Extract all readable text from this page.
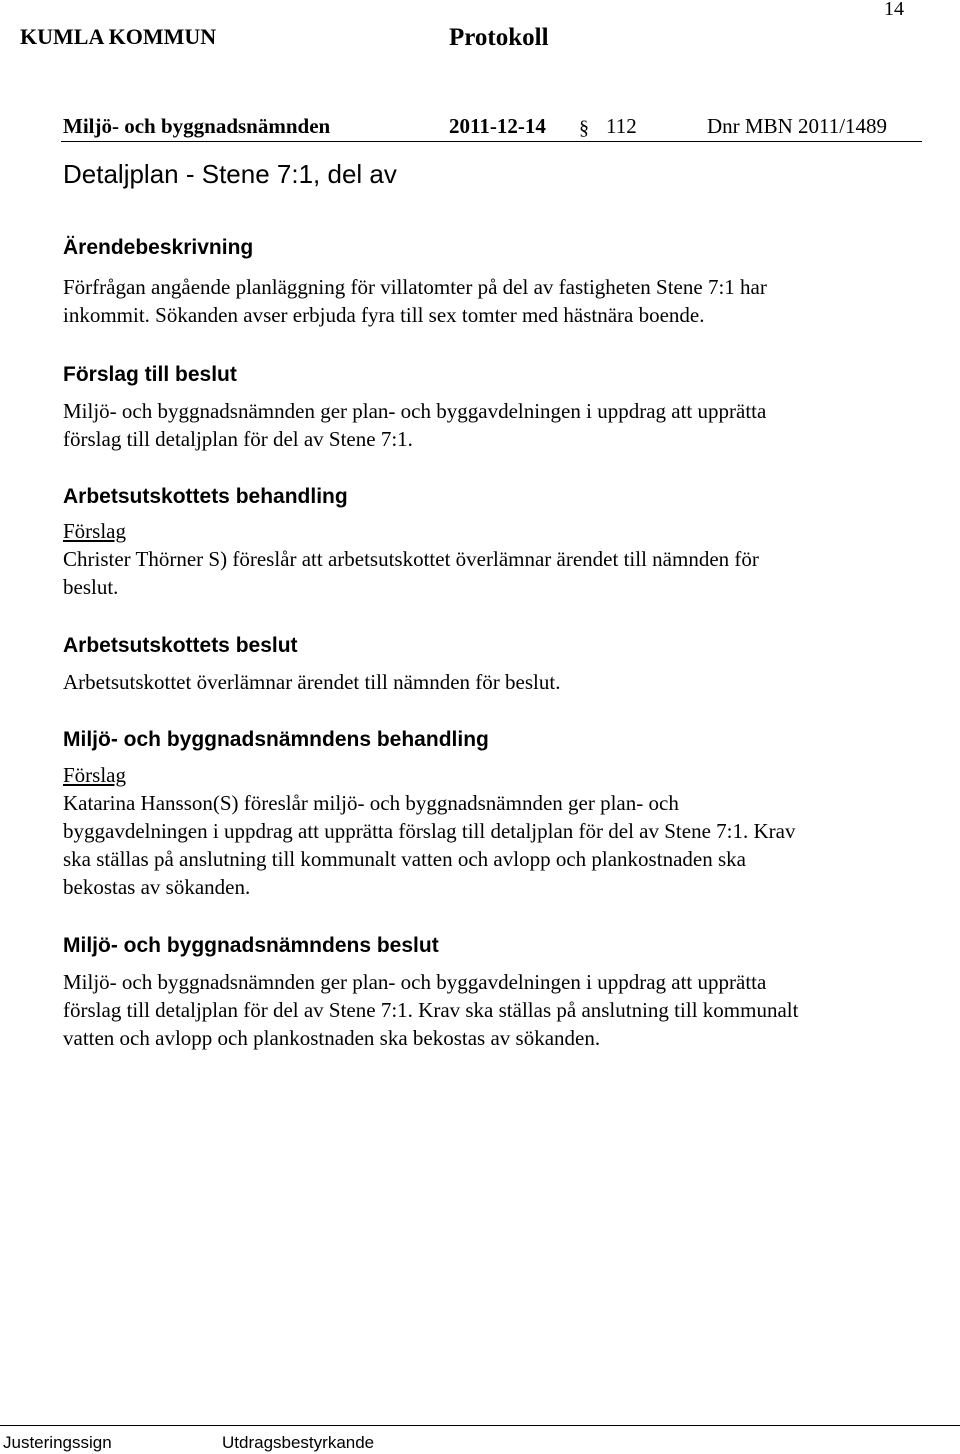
14
KUMLA KOMMUN	Protokoll
Miljö- och byggnadsnämnden	2011-12-14 § 112	Dnr MBN 2011/1489
Detaljplan - Stene 7:1, del av
Ärendebeskrivning
Förfrågan angående planläggning för villatomter på del av fastigheten Stene 7:1 har
inkommit. Sökanden avser erbjuda fyra till sex tomter med hästnära boende.
Förslag till beslut
Miljö- och byggnadsnämnden ger plan- och byggavdelningen i uppdrag att upprätta
förslag till detaljplan för del av Stene 7:1.
Arbetsutskottets behandling
Förslag
Christer Thörner S) föreslår att arbetsutskottet överlämnar ärendet till nämnden för
beslut.
Arbetsutskottets beslut
Arbetsutskottet överlämnar ärendet till nämnden för beslut.
Miljö- och byggnadsnämndens behandling
Förslag
Katarina Hansson(S) föreslår miljö- och byggnadsnämnden ger plan- och
byggavdelningen i uppdrag att upprätta förslag till detaljplan för del av Stene 7:1. Krav
ska ställas på anslutning till kommunalt vatten och avlopp och plankostnaden ska
bekostas av sökanden.
Miljö- och byggnadsnämndens beslut
Miljö- och byggnadsnämnden ger plan- och byggavdelningen i uppdrag att upprätta
förslag till detaljplan för del av Stene 7:1. Krav ska ställas på anslutning till kommunalt
vatten och avlopp och plankostnaden ska bekostas av sökanden.
Justeringssign	Utdragsbestyrkande
